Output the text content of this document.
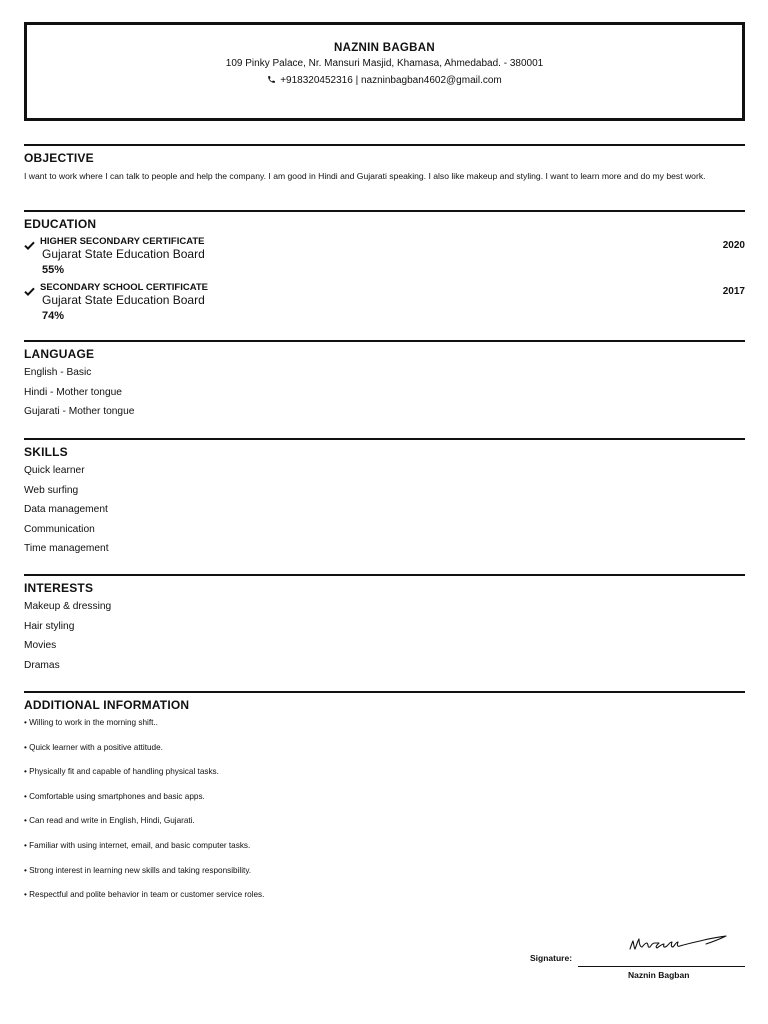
NAZNIN BAGBAN
109 Pinky Palace, Nr. Mansuri Masjid, Khamasa, Ahmedabad. - 380001
+918320452316 | nazninbagban4602@gmail.com
OBJECTIVE
I want to work where I can talk to people and help the company. I am good in Hindi and Gujarati speaking. I also like makeup and styling. I want to learn more and do my best work.
EDUCATION
HIGHER SECONDARY CERTIFICATE
Gujarat State Education Board
55%
2020
SECONDARY SCHOOL CERTIFICATE
Gujarat State Education Board
74%
2017
LANGUAGE
English - Basic
Hindi - Mother tongue
Gujarati - Mother tongue
SKILLS
Quick learner
Web surfing
Data management
Communication
Time management
INTERESTS
Makeup & dressing
Hair styling
Movies
Dramas
ADDITIONAL INFORMATION
• Willing to work in the morning shift..
• Quick learner with a positive attitude.
• Physically fit and capable of handling physical tasks.
• Comfortable using smartphones and basic apps.
• Can read and write in English, Hindi, Gujarati.
• Familiar with using internet, email, and basic computer tasks.
• Strong interest in learning new skills and taking responsibility.
• Respectful and polite behavior in team or customer service roles.
Signature:
Naznin Bagban
